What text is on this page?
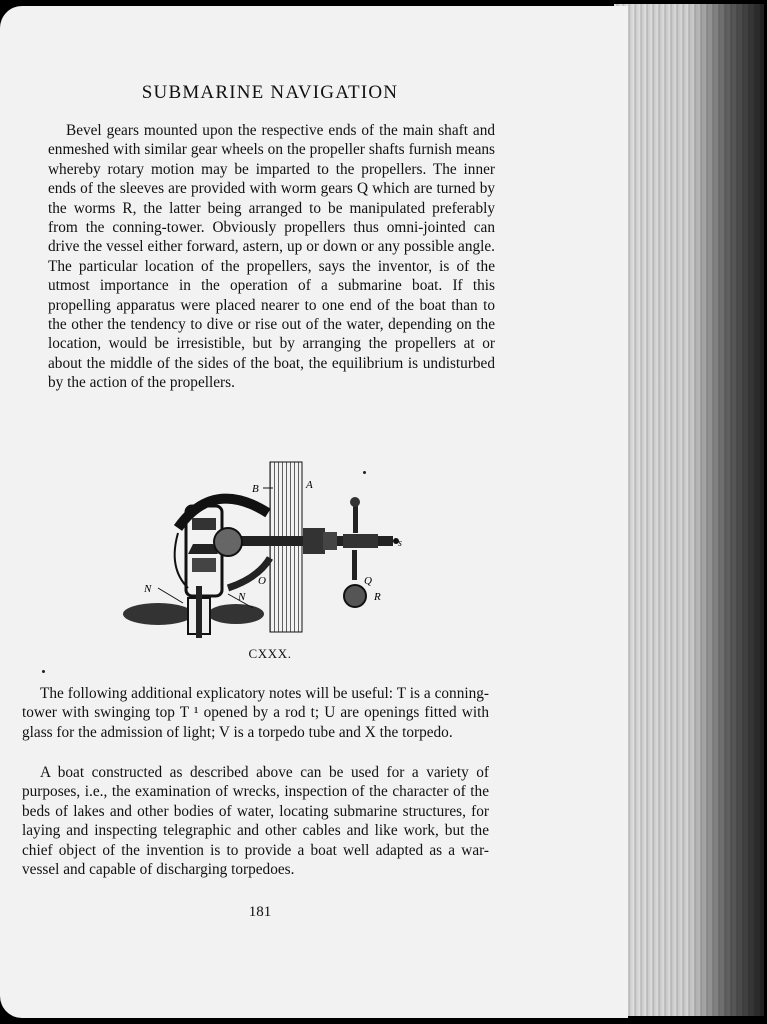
SUBMARINE NAVIGATION

Bevel gears mounted upon the respective ends of the main shaft and enmeshed with similar gear wheels on the propeller shafts furnish means whereby rotary motion may be imparted to the propellers. The inner ends of the sleeves are provided with worm gears Q which are turned by the worms R, the latter being arranged to be manipulated preferably from the conning-tower. Obviously propellers thus omni-jointed can drive the vessel either forward, astern, up or down or any possible angle. The particular location of the propellers, says the inventor, is of the utmost importance in the operation of a submarine boat. If this propelling apparatus were placed nearer to one end of the boat than to the other the tendency to dive or rise out of the water, depending on the location, would be irresistible, but by arranging the propellers at or about the middle of the sides of the boat, the equilibrium is undisturbed by the action of the propellers.

B	A
s
Q
R
O
N
N
CXXX.

The following additional explicatory notes will be useful: T is a conning-tower with swinging top T ¹ opened by a rod t; U are openings fitted with glass for the admission of light; V is a torpedo tube and X the torpedo.

A boat constructed as described above can be used for a variety of purposes, i.e., the examination of wrecks, inspection of the character of the beds of lakes and other bodies of water, locating submarine structures, for laying and inspecting telegraphic and other cables and like work, but the chief object of the invention is to provide a boat well adapted as a war-vessel and capable of discharging torpedoes.

181
